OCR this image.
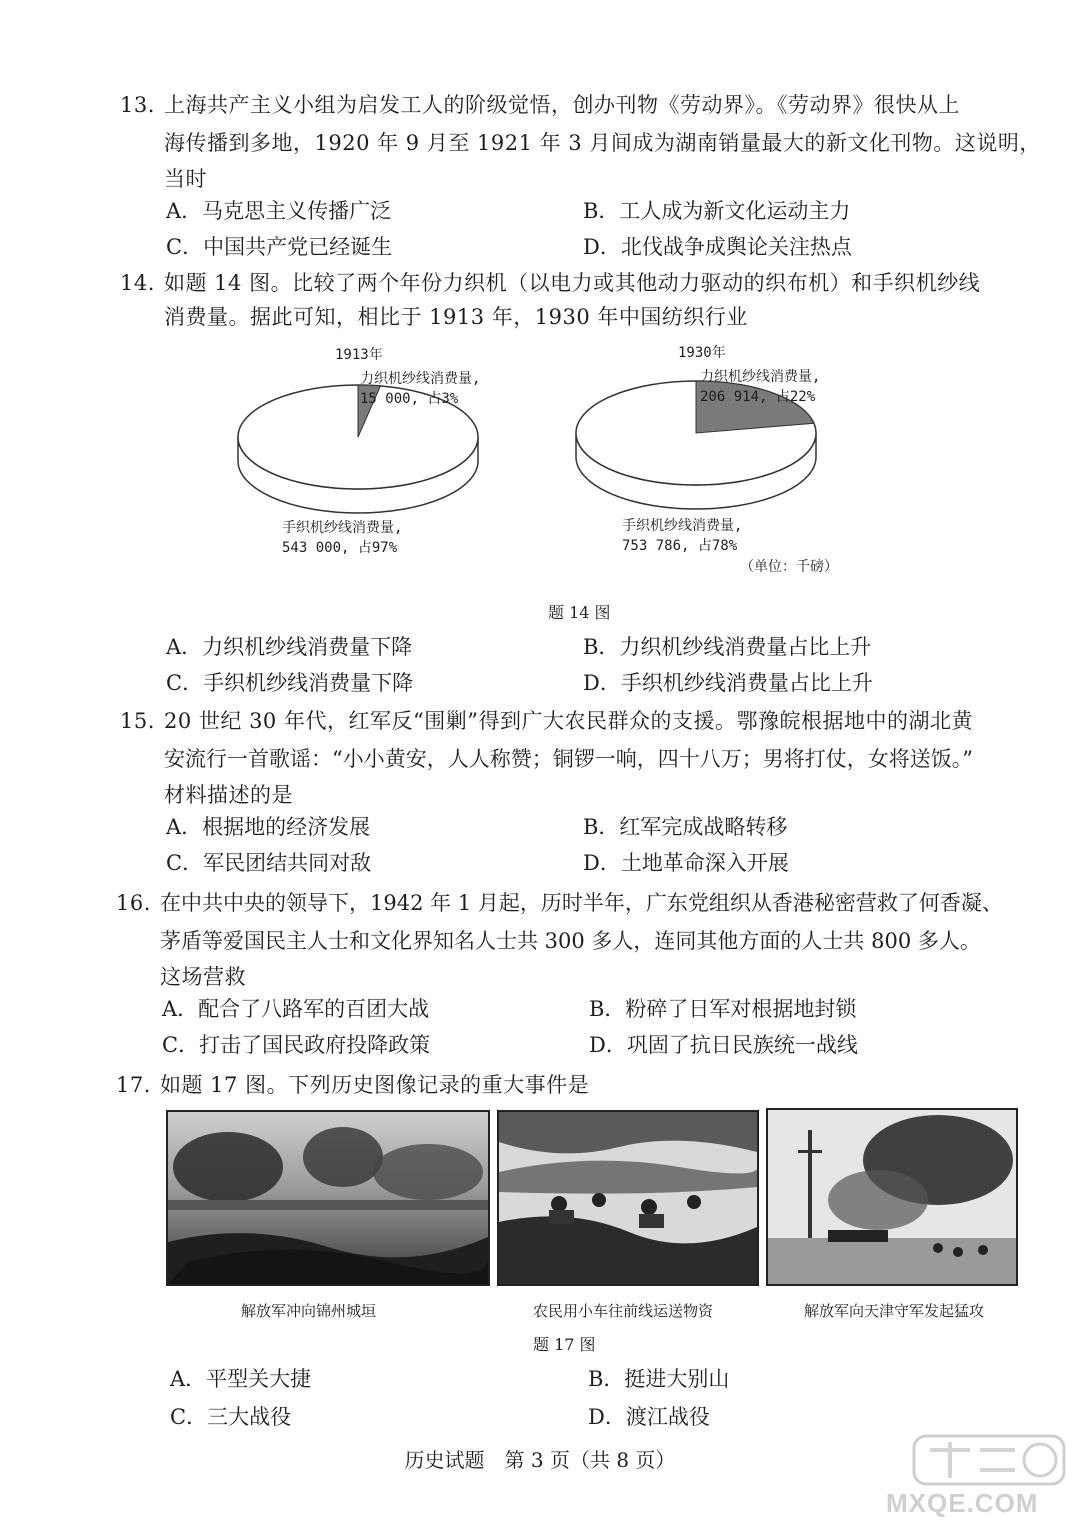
13. 上海共产主义小组为启发工人的阶级觉悟，创办刊物《劳动界》。《劳动界》很快从上
海传播到多地，1920 年 9 月至 1921 年 3 月间成为湖南销量最大的新文化刊物。这说明，
当时
A．马克思主义传播广泛	B．工人成为新文化运动主力
C．中国共产党已经诞生	D．北伐战争成舆论关注热点
14. 如题 14 图。比较了两个年份力织机（以电力或其他动力驱动的织布机）和手织机纱线
消费量。据此可知，相比于 1913 年，1930 年中国纺织行业
1913年
力织机纱线消费量,
15 000, 占3%
手织机纱线消费量,
543 000, 占97%
1930年
力织机纱线消费量,
206 914, 占22%
手织机纱线消费量,
753 786, 占78%
（单位：千磅）
题 14 图
A．力织机纱线消费量下降	B．力织机纱线消费量占比上升
C．手织机纱线消费量下降	D．手织机纱线消费量占比上升
15. 20 世纪 30 年代，红军反“围剿”得到广大农民群众的支援。鄂豫皖根据地中的湖北黄
安流行一首歌谣：“小小黄安，人人称赞；铜锣一响，四十八万；男将打仗，女将送饭。”
材料描述的是
A．根据地的经济发展	B．红军完成战略转移
C．军民团结共同对敌	D．土地革命深入开展
16. 在中共中央的领导下，1942 年 1 月起，历时半年，广东党组织从香港秘密营救了何香凝、
茅盾等爱国民主人士和文化界知名人士共 300 多人，连同其他方面的人士共 800 多人。
这场营救
A．配合了八路军的百团大战	B．粉碎了日军对根据地封锁
C．打击了国民政府投降政策	D．巩固了抗日民族统一战线
17. 如题 17 图。下列历史图像记录的重大事件是
解放军冲向锦州城垣	农民用小车往前线运送物资	解放军向天津守军发起猛攻
题 17 图
A．平型关大捷	B．挺进大别山
C．三大战役	D．渡江战役
历史试题　第 3 页（共 8 页）
MXQE.COM
